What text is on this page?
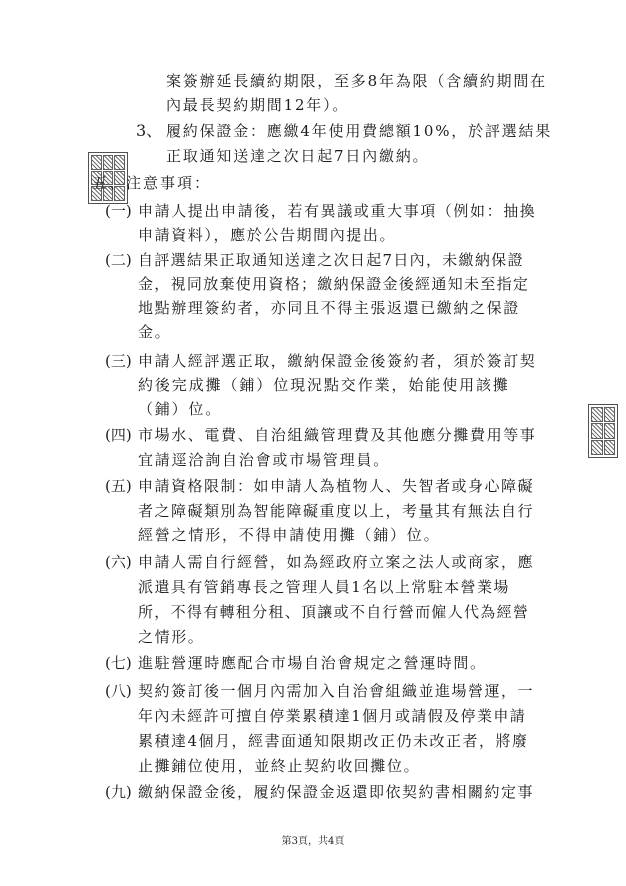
案簽辦延長續約期限，至多8年為限（含續約期間在
內最長契約期間12年）。
3、 履約保證金：應繳4年使用費總額10%，於評選結果
正取通知送達之次日起7日內繳納。
五、注意事項：
(一) 申請人提出申請後，若有異議或重大事項（例如：抽換
申請資料），應於公告期間內提出。
(二) 自評選結果正取通知送達之次日起7日內，未繳納保證
金，視同放棄使用資格；繳納保證金後經通知未至指定
地點辦理簽約者，亦同且不得主張返還已繳納之保證
金。
(三) 申請人經評選正取，繳納保證金後簽約者，須於簽訂契
約後完成攤（鋪）位現況點交作業，始能使用該攤
（鋪）位。
(四) 市場水、電費、自治組織管理費及其他應分攤費用等事
宜請逕洽詢自治會或市場管理員。
(五) 申請資格限制：如申請人為植物人、失智者或身心障礙
者之障礙類別為智能障礙重度以上，考量其有無法自行
經營之情形，不得申請使用攤（鋪）位。
(六) 申請人需自行經營，如為經政府立案之法人或商家，應
派遣具有管銷專長之管理人員1名以上常駐本營業場
所，不得有轉租分租、頂讓或不自行營而僱人代為經營
之情形。
(七) 進駐營運時應配合市場自治會規定之營運時間。
(八) 契約簽訂後一個月內需加入自治會組織並進場營運，一
年內未經許可擅自停業累積達1個月或請假及停業申請
累積達4個月，經書面通知限期改正仍未改正者，將廢
止攤鋪位使用，並終止契約收回攤位。
(九) 繳納保證金後，履約保證金返還即依契約書相關約定事
第3頁，共4頁
